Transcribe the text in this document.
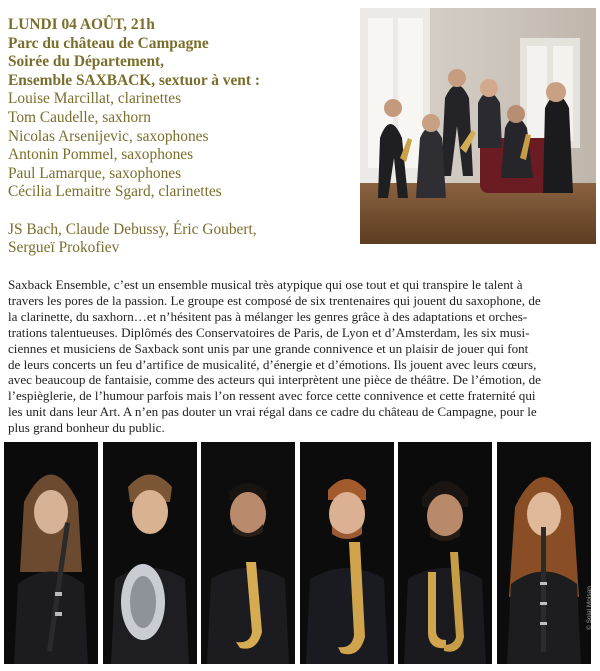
LUNDI 04 AOÛT, 21h
Parc du château de Campagne
Soirée du Département,
Ensemble SAXBACK, sextuor à vent :
Louise Marcillat, clarinettes
Tom Caudelle, saxhorn
Nicolas Arsenijevic, saxophones
Antonin Pommel, saxophones
Paul Lamarque, saxophones
Cécilia Lemaitre Sgard, clarinettes
JS Bach, Claude Debussy, Éric Goubert,
Sergueï Prokofiev
Saxback Ensemble, c’est un ensemble musical très atypique qui ose tout et qui transpire le talent à
travers les pores de la passion. Le groupe est composé de six trentenaires qui jouent du saxophone, de
la clarinette, du saxhorn…et n’hésitent pas à mélanger les genres grâce à des adaptations et orches-
trations talentueuses. Diplômés des Conservatoires de Paris, de Lyon et d’Amsterdam, les six musi-
ciennes et musiciens de Saxback sont unis par une grande connivence et un plaisir de jouer qui font
de leurs concerts un feu d’artifice de musicalité, d’énergie et d’émotions. Ils jouent avec leurs cœurs,
avec beaucoup de fantaisie, comme des acteurs qui interprètent une pièce de théâtre. De l’émotion, de
l’espièglerie, de l’humour parfois mais l’on ressent avec force cette connivence et cette fraternité qui
les unit dans leur Art. A n’en pas douter un vrai régal dans ce cadre du château de Campagne, pour le
plus grand bonheur du public.
© Solal Moisan
